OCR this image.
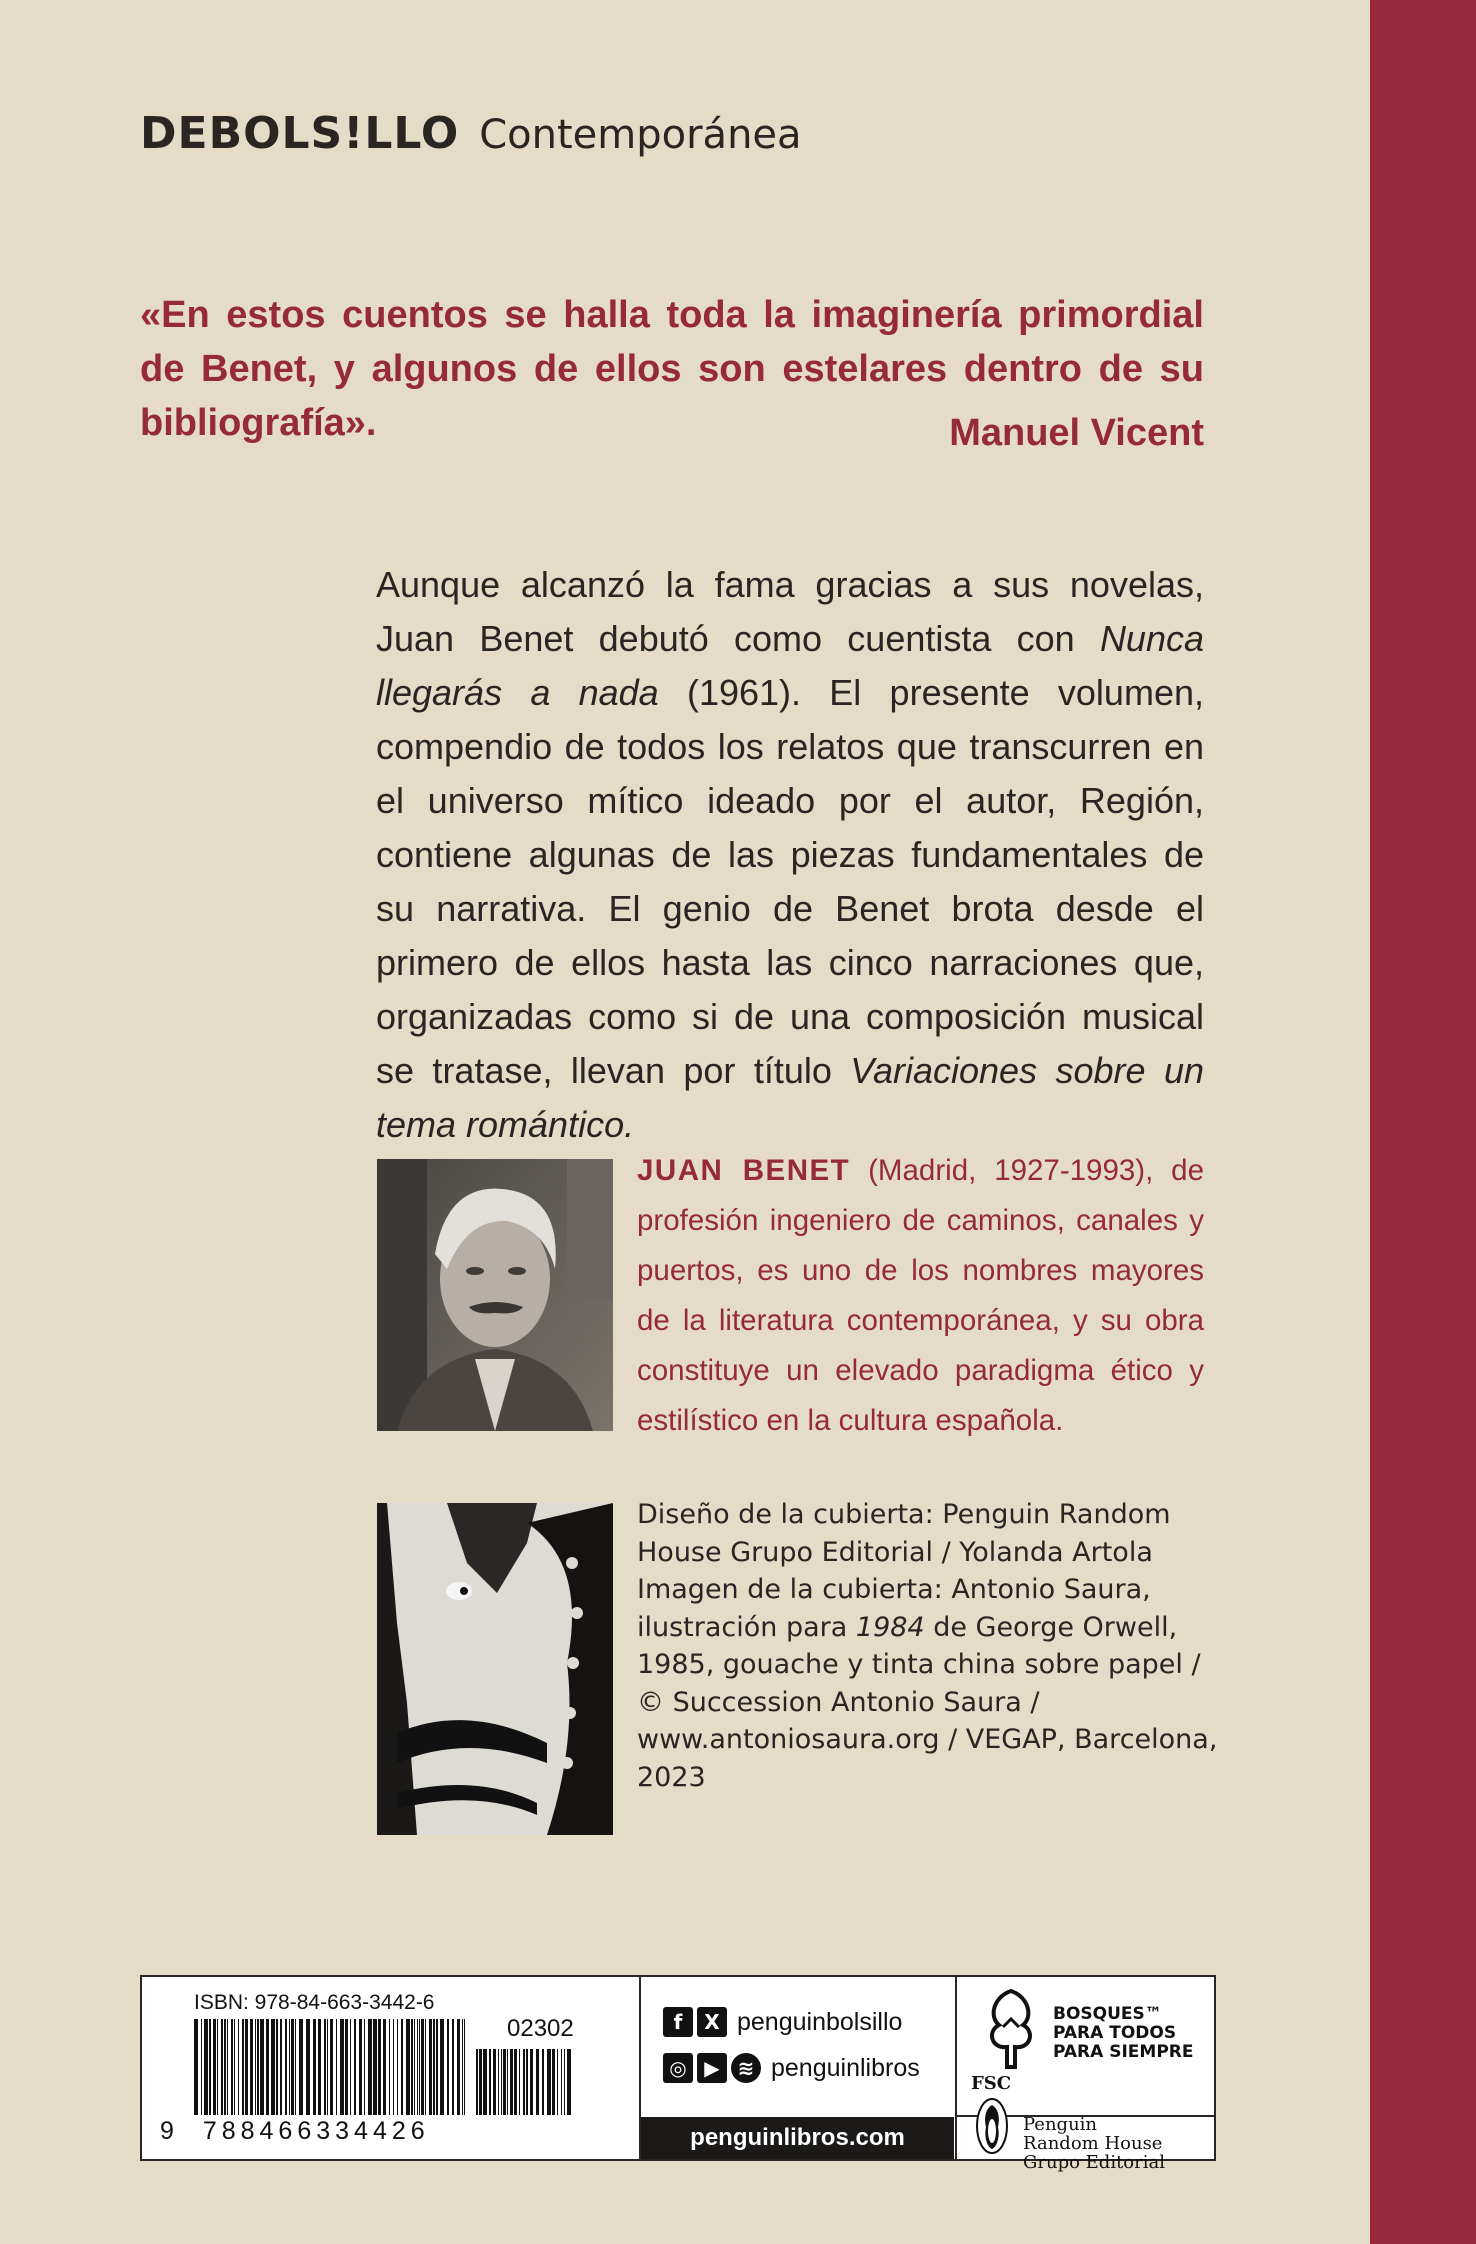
DEBOLS!LLO Contemporánea
«En estos cuentos se halla toda la imaginería primordial de Benet, y algunos de ellos son estelares dentro de su bibliografía».	Manuel Vicent

Aunque alcanzó la fama gracias a sus novelas, Juan Benet debutó como cuentista con Nunca llegarás a nada (1961). El presente volumen, compendio de todos los relatos que transcurren en el universo mítico ideado por el autor, Región, contiene algunas de las piezas fundamentales de su narrativa. El genio de Benet brota desde el primero de ellos hasta las cinco narraciones que, organizadas como si de una composición musical se tratase, llevan por título Variaciones sobre un tema romántico.

JUAN BENET (Madrid, 1927-1993), de profesión ingeniero de caminos, canales y puertos, es uno de los nombres mayores de la literatura contemporánea, y su obra constituye un elevado paradigma ético y estilístico en la cultura española.

Diseño de la cubierta: Penguin Random House Grupo Editorial / Yolanda Artola
Imagen de la cubierta: Antonio Saura, ilustración para 1984 de George Orwell, 1985, gouache y tinta china sobre papel / © Succession Antonio Saura / www.antoniosaura.org / VEGAP, Barcelona, 2023

ISBN: 978-84-663-3442-6
02302
9 788466334426
f	X penguinbolsillo
◎ ▶ ≋ penguinlibros
penguinlibros.com
FSC
BOSQUES™
PARA TODOS
PARA SIEMPRE
Penguin
Random House
Grupo Editorial
